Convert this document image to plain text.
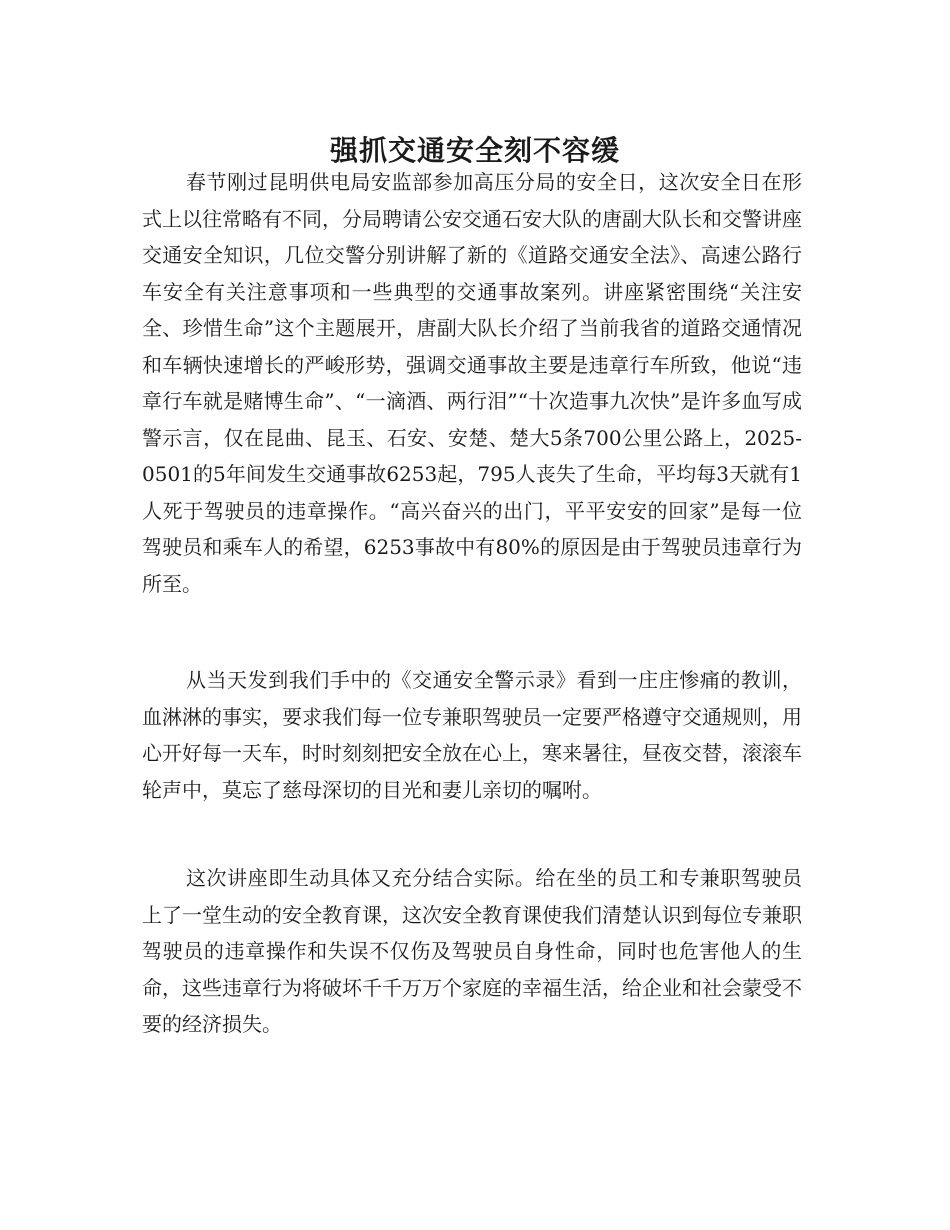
强抓交通安全刻不容缓

春节刚过昆明供电局安监部参加高压分局的安全日，这次安全日在形式上以往常略有不同，分局聘请公安交通石安大队的唐副大队长和交警讲座交通安全知识，几位交警分别讲解了新的《道路交通安全法》、高速公路行车安全有关注意事项和一些典型的交通事故案列。讲座紧密围绕“关注安全、珍惜生命”这个主题展开，唐副大队长介绍了当前我省的道路交通情况和车辆快速增长的严峻形势，强调交通事故主要是违章行车所致，他说“违章行车就是赌博生命”、“一滴酒、两行泪”“十次造事九次快”是许多血写成警示言，仅在昆曲、昆玉、石安、安楚、楚大5条700公里公路上，2025-0501的5年间发生交通事故6253起，795人丧失了生命，平均每3天就有1人死于驾驶员的违章操作。“高兴奋兴的出门，平平安安的回家”是每一位驾驶员和乘车人的希望，6253事故中有80%的原因是由于驾驶员违章行为所至。

从当天发到我们手中的《交通安全警示录》看到一庄庄惨痛的教训，血淋淋的事实，要求我们每一位专兼职驾驶员一定要严格遵守交通规则，用心开好每一天车，时时刻刻把安全放在心上，寒来暑往，昼夜交替，滚滚车轮声中，莫忘了慈母深切的目光和妻儿亲切的嘱咐。

这次讲座即生动具体又充分结合实际。给在坐的员工和专兼职驾驶员上了一堂生动的安全教育课，这次安全教育课使我们清楚认识到每位专兼职驾驶员的违章操作和失误不仅伤及驾驶员自身性命，同时也危害他人的生命，这些违章行为将破坏千千万万个家庭的幸福生活，给企业和社会蒙受不要的经济损失。
